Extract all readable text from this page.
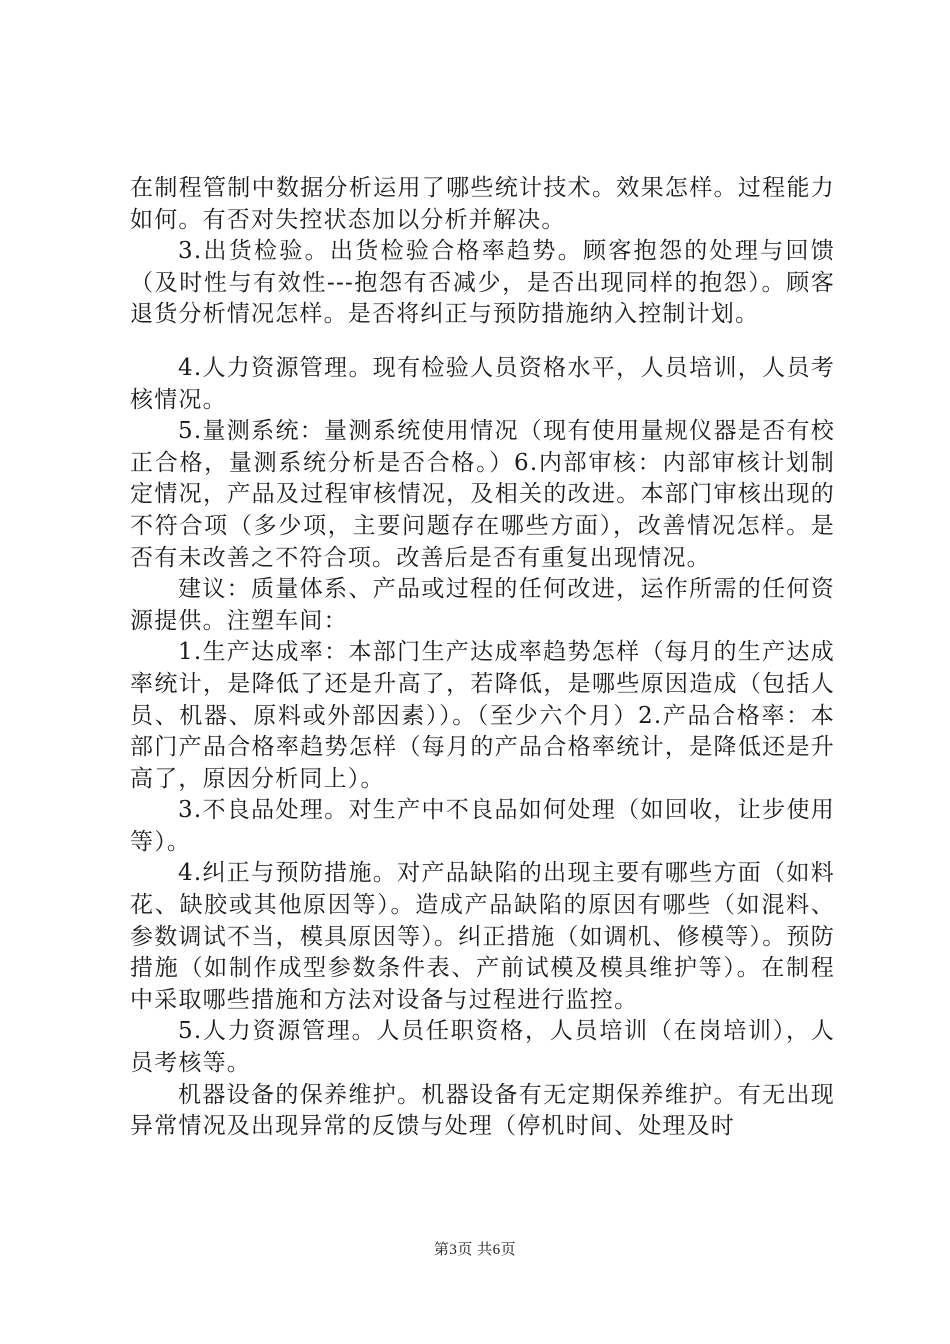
在制程管制中数据分析运用了哪些统计技术。效果怎样。过程能力如何。有否对失控状态加以分析并解决。

3.出货检验。出货检验合格率趋势。顾客抱怨的处理与回馈（及时性与有效性---抱怨有否减少，是否出现同样的抱怨）。顾客退货分析情况怎样。是否将纠正与预防措施纳入控制计划。

4.人力资源管理。现有检验人员资格水平，人员培训，人员考核情况。

5.量测系统：量测系统使用情况（现有使用量规仪器是否有校正合格，量测系统分析是否合格。）6.内部审核：内部审核计划制定情况，产品及过程审核情况，及相关的改进。本部门审核出现的不符合项（多少项，主要问题存在哪些方面），改善情况怎样。是否有未改善之不符合项。改善后是否有重复出现情况。

建议：质量体系、产品或过程的任何改进，运作所需的任何资源提供。注塑车间：

1.生产达成率：本部门生产达成率趋势怎样（每月的生产达成率统计，是降低了还是升高了，若降低，是哪些原因造成（包括人员、机器、原料或外部因素））。（至少六个月）2.产品合格率：本部门产品合格率趋势怎样（每月的产品合格率统计，是降低还是升高了，原因分析同上）。

3.不良品处理。对生产中不良品如何处理（如回收，让步使用等）。

4.纠正与预防措施。对产品缺陷的出现主要有哪些方面（如料花、缺胶或其他原因等）。造成产品缺陷的原因有哪些（如混料、参数调试不当，模具原因等）。纠正措施（如调机、修模等）。预防措施（如制作成型参数条件表、产前试模及模具维护等）。在制程中采取哪些措施和方法对设备与过程进行监控。

5.人力资源管理。人员任职资格，人员培训（在岗培训），人员考核等。

机器设备的保养维护。机器设备有无定期保养维护。有无出现异常情况及出现异常的反馈与处理（停机时间、处理及时

第3页 共6页
